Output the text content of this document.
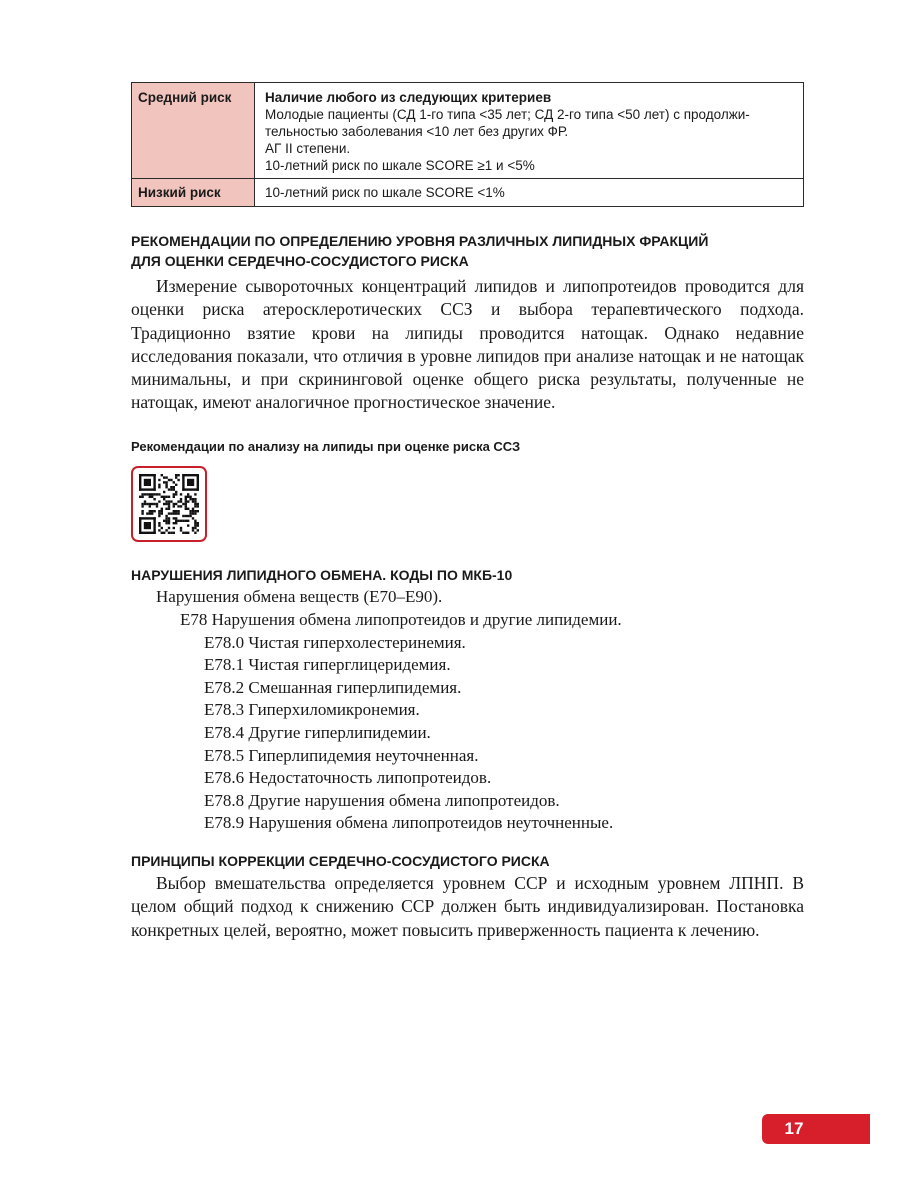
Средний риск	Наличие любого из следующих критериев
Молодые пациенты (СД 1-го типа <35 лет; СД 2-го типа <50 лет) с продолжи-
тельностью заболевания <10 лет без других ФР.
АГ II степени.
10-летний риск по шкале SCORE ≥1 и <5%

Низкий риск	10-летний риск по шкале SCORE <1%
РЕКОМЕНДАЦИИ ПО ОПРЕДЕЛЕНИЮ УРОВНЯ РАЗЛИЧНЫХ ЛИПИДНЫХ ФРАКЦИЙ
ДЛЯ ОЦЕНКИ СЕРДЕЧНО-СОСУДИСТОГО РИСКА

Измерение сывороточных концентраций липидов и липопротеидов проводится для оценки риска атеросклеротических ССЗ и выбора терапевтического подхода. Традиционно взятие крови на липиды проводится натощак. Однако недавние исследования показали, что отличия в уровне липидов при анализе натощак и не натощак минимальны, и при скрининговой оценке общего риска результаты, полученные не натощак, имеют аналогичное прогностическое значение.

Рекомендации по анализу на липиды при оценке риска ССЗ
НАРУШЕНИЯ ЛИПИДНОГО ОБМЕНА. КОДЫ ПО МКБ-10
Нарушения обмена веществ (E70–E90).
E78 Нарушения обмена липопротеидов и другие липидемии.
E78.0 Чистая гиперхолестеринемия.
E78.1 Чистая гиперглицеридемия.
E78.2 Смешанная гиперлипидемия.
E78.3 Гиперхиломикронемия.
E78.4 Другие гиперлипидемии.
E78.5 Гиперлипидемия неуточненная.
E78.6 Недостаточность липопротеидов.
E78.8 Другие нарушения обмена липопротеидов.
E78.9 Нарушения обмена липопротеидов неуточненные.
ПРИНЦИПЫ КОРРЕКЦИИ СЕРДЕЧНО-СОСУДИСТОГО РИСКА

Выбор вмешательства определяется уровнем ССР и исходным уровнем ЛПНП. В целом общий подход к снижению ССР должен быть индивидуализирован. Постановка конкретных целей, вероятно, может повысить приверженность пациента к лечению.

17
